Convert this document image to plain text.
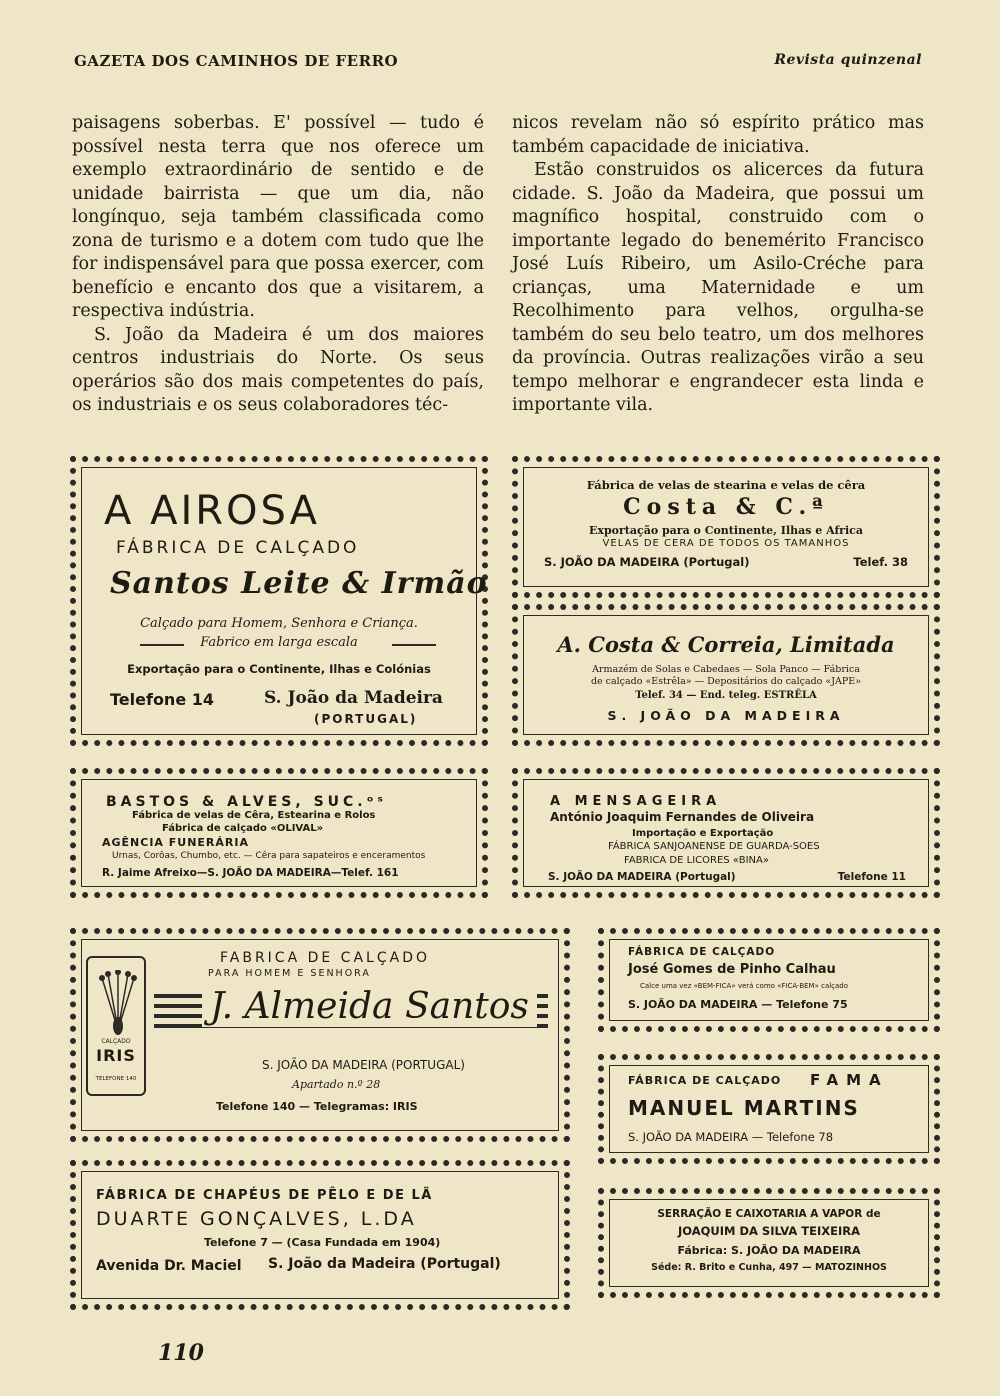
GAZETA DOS CAMINHOS DE FERRO	Revista quinzenal

paisagens soberbas. E' possível — tudo é possível nesta terra que nos oferece um exemplo extraordinário de sentido e de unidade bairrista — que um dia, não longínquo, seja também classificada como zona de turismo e a dotem com tudo que lhe for indispensável para que possa exercer, com benefício e encanto dos que a visitarem, a respectiva indústria.

S. João da Madeira é um dos maiores centros industriais do Norte. Os seus operários são dos mais competentes do país, os industriais e os seus colaboradores téc-

nicos revelam não só espírito prático mas também capacidade de iniciativa.

Estão construidos os alicerces da futura cidade. S. João da Madeira, que possui um magnífico hospital, construido com o importante legado do benemérito Francisco José Luís Ribeiro, um Asilo-Créche para crianças, uma Maternidade e um Recolhimento para velhos, orgulha-se também do seu belo teatro, um dos melhores da província. Outras realizações virão a seu tempo melhorar e engrandecer esta linda e importante vila.

A AIROSA
FÁBRICA DE CALÇADO
Santos Leite & Irmão
Calçado para Homem, Senhora e Criança.
Fabrico em larga escala
Exportação para o Continente, Ilhas e Colónias
Telefone 14	S. João da Madeira
(PORTUGAL)
Fábrica de velas de stearina e velas de cêra
Costa & C.ª
Exportação para o Continente, Ilhas e Africa
VELAS DE CERA DE TODOS OS TAMANHOS
S. JOÃO DA MADEIRA (Portugal)	Telef. 38
A. Costa & Correia, Limitada
Armazém de Solas e Cabedaes — Sola Panco — Fábrica
de calçado «Estrêla» — Depositários do calçado «JAPE»
Telef. 34 — End. teleg. ESTRÊLA
S. JOÃO DA MADEIRA
BASTOS & ALVES, SUC.ᵒˢ
Fábrica de velas de Cêra, Estearina e Rolos
Fábrica de calçado «OLIVAL»
AGÊNCIA FUNERÁRIA
Urnas, Corôas, Chumbo, etc. — Cêra para sapateiros e enceramentos
R. Jaime Afreixo—S. JOÃO DA MADEIRA—Telef. 161
A MENSAGEIRA
António Joaquim Fernandes de Oliveira
Importação e Exportação
FÁBRICA SANJOANENSE DE GUARDA-SOES
FABRICA DE LICORES «BINA»
S. JOÃO DA MADEIRA (Portugal)	Telefone 11
CALÇADO
IRIS
TELEFONE 140
FABRICA DE CALÇADO
PARA HOMEM E SENHORA
J. Almeida Santos
S. JOÃO DA MADEIRA (PORTUGAL)
Apartado n.º 28
Telefone 140 — Telegramas: IRIS
FÁBRICA DE CALÇADO
José Gomes de Pinho Calhau
Calce uma vez «BEM-FICA» verá como «FICA-BEM» calçado
S. JOÃO DA MADEIRA — Telefone 75
FÁBRICA DE CALÇADO FAMA
MANUEL MARTINS
S. JOÃO DA MADEIRA — Telefone 78
FÁBRICA DE CHAPÉUS DE PÊLO E DE LÃ
DUARTE GONÇALVES, L.DA
Telefone 7 — (Casa Fundada em 1904)
Avenida Dr. Maciel S. João da Madeira (Portugal)
SERRAÇÃO E CAIXOTARIA A VAPOR de
JOAQUIM DA SILVA TEIXEIRA
Fábrica: S. JOÃO DA MADEIRA
Séde: R. Brito e Cunha, 497 — MATOZINHOS
110
